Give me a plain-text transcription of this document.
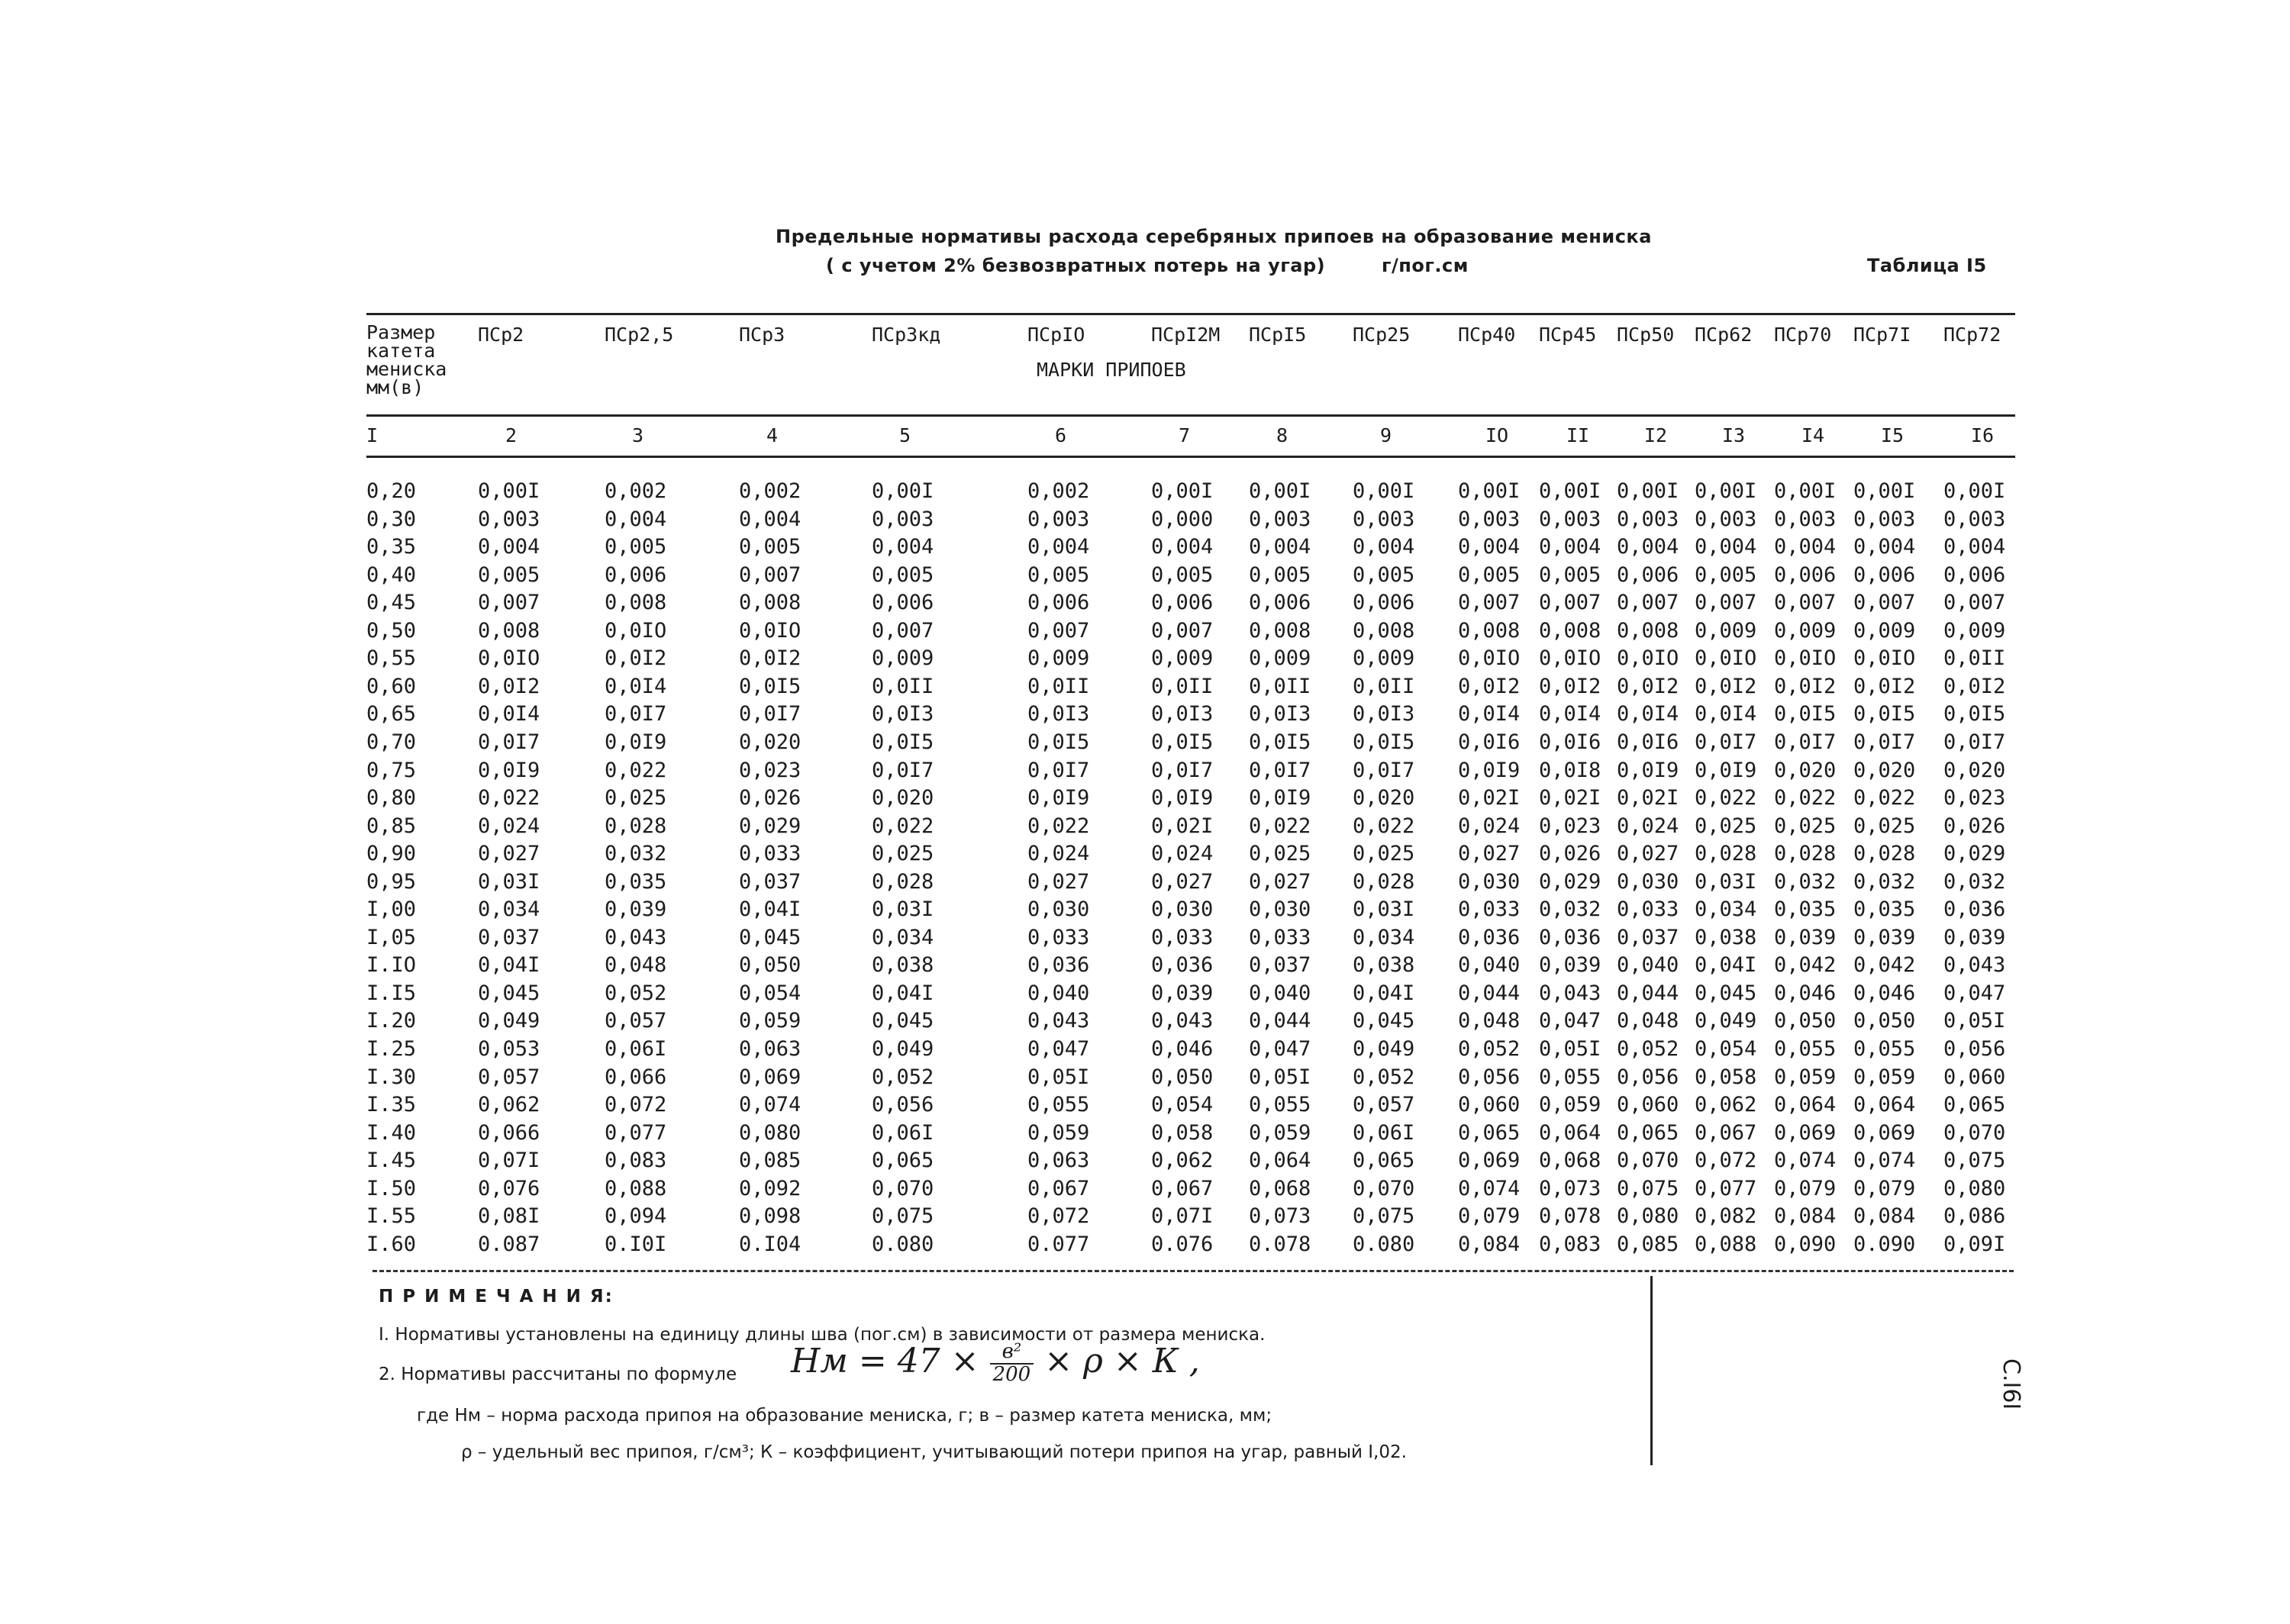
Предельные нормативы расхода серебряных припоев на образование мениска
( с учетом 2% безвозвратных потерь на угар)	г/пог.см	Таблица I5
Размер
катета
мениска
мм(в)
ПСр2	ПСр2,5	ПСр3	ПСр3кд	ПСрIO	ПСрI2М ПСрI5 ПСр25	ПСр40 ПСр45 ПСр50 ПСр62 ПСр70 ПСр7I ПСр72
МАРКИ ПРИПОЕВ
I	2	3	4	5	6	7	8	9	IO	II	I2	I3	I4	I5	I6
0,20	0,00I	0,002	0,002	0,00I	0,002	0,00I 0,00I 0,00I 0,00I 0,00I 0,00I 0,00I 0,00I 0,00I 0,00I
0,30	0,003	0,004	0,004	0,003	0,003	0,000 0,003 0,003 0,003 0,003 0,003 0,003 0,003 0,003 0,003
0,35	0,004	0,005	0,005	0,004	0,004	0,004 0,004 0,004 0,004 0,004 0,004 0,004 0,004 0,004 0,004
0,40	0,005	0,006	0,007	0,005	0,005	0,005 0,005 0,005 0,005 0,005 0,006 0,005 0,006 0,006 0,006
0,45	0,007	0,008	0,008	0,006	0,006	0,006 0,006 0,006 0,007 0,007 0,007 0,007 0,007 0,007 0,007
0,50	0,008	0,0IO	0,0IO	0,007	0,007	0,007 0,008 0,008 0,008 0,008 0,008 0,009 0,009 0,009 0,009
0,55	0,0IO	0,0I2	0,0I2	0,009	0,009	0,009 0,009 0,009 0,0IO 0,0IO 0,0IO 0,0IO 0,0IO 0,0IO 0,0II
0,60	0,0I2	0,0I4	0,0I5	0,0II	0,0II	0,0II 0,0II 0,0II 0,0I2 0,0I2 0,0I2 0,0I2 0,0I2 0,0I2 0,0I2
0,65	0,0I4	0,0I7	0,0I7	0,0I3	0,0I3	0,0I3 0,0I3 0,0I3 0,0I4 0,0I4 0,0I4 0,0I4 0,0I5 0,0I5 0,0I5
0,70	0,0I7	0,0I9	0,020	0,0I5	0,0I5	0,0I5 0,0I5 0,0I5 0,0I6 0,0I6 0,0I6 0,0I7 0,0I7 0,0I7 0,0I7
0,75	0,0I9	0,022	0,023	0,0I7	0,0I7	0,0I7 0,0I7 0,0I7 0,0I9 0,0I8 0,0I9 0,0I9 0,020 0,020 0,020
0,80	0,022	0,025	0,026	0,020	0,0I9	0,0I9 0,0I9 0,020 0,02I 0,02I 0,02I 0,022 0,022 0,022 0,023
0,85	0,024	0,028	0,029	0,022	0,022	0,02I 0,022 0,022 0,024 0,023 0,024 0,025 0,025 0,025 0,026
0,90	0,027	0,032	0,033	0,025	0,024	0,024 0,025 0,025 0,027 0,026 0,027 0,028 0,028 0,028 0,029
0,95	0,03I	0,035	0,037	0,028	0,027	0,027 0,027 0,028 0,030 0,029 0,030 0,03I 0,032 0,032 0,032
I,00	0,034	0,039	0,04I	0,03I	0,030	0,030 0,030 0,03I 0,033 0,032 0,033 0,034 0,035 0,035 0,036
I,05	0,037	0,043	0,045	0,034	0,033	0,033 0,033 0,034 0,036 0,036 0,037 0,038 0,039 0,039 0,039
I.IO	0,04I	0,048	0,050	0,038	0,036	0,036 0,037 0,038 0,040 0,039 0,040 0,04I 0,042 0,042 0,043
I.I5	0,045	0,052	0,054	0,04I	0,040	0,039 0,040 0,04I 0,044 0,043 0,044 0,045 0,046 0,046 0,047
I.20	0,049	0,057	0,059	0,045	0,043	0,043 0,044 0,045 0,048 0,047 0,048 0,049 0,050 0,050 0,05I
I.25	0,053	0,06I	0,063	0,049	0,047	0,046 0,047 0,049 0,052 0,05I 0,052 0,054 0,055 0,055 0,056
I.30	0,057	0,066	0,069	0,052	0,05I	0,050 0,05I 0,052 0,056 0,055 0,056 0,058 0,059 0,059 0,060
I.35	0,062	0,072	0,074	0,056	0,055	0,054 0,055 0,057 0,060 0,059 0,060 0,062 0,064 0,064 0,065
I.40	0,066	0,077	0,080	0,06I	0,059	0,058 0,059 0,06I 0,065 0,064 0,065 0,067 0,069 0,069 0,070
I.45	0,07I	0,083	0,085	0,065	0,063	0,062 0,064 0,065 0,069 0,068 0,070 0,072 0,074 0,074 0,075
I.50	0,076	0,088	0,092	0,070	0,067	0,067 0,068 0,070 0,074 0,073 0,075 0,077 0,079 0,079 0,080
I.55	0,08I	0,094	0,098	0,075	0,072	0,07I 0,073 0,075 0,079 0,078 0,080 0,082 0,084 0,084 0,086
I.60	0.087	0.I0I	0.I04	0.080	0.077	0.076 0.078 0.080 0,084 0,083 0,085 0,088 0,090 0.090 0,09I
П Р И М Е Ч А Н И Я:
I. Нормативы установлены на единицу длины шва (пог.см) в зависимости от размера мениска.
2. Нормативы рассчитаны по формуле Нм = $47 \times \frac{\text{в²}}{200} \times \rho \times К$ ,
где Нм – норма расхода припоя на образование мениска, г; в – размер катета мениска, мм;
ρ – удельный вес припоя, г/см³; К – коэффициент, учитывающий потери припоя на угар, равный I,02.
С.I6I
